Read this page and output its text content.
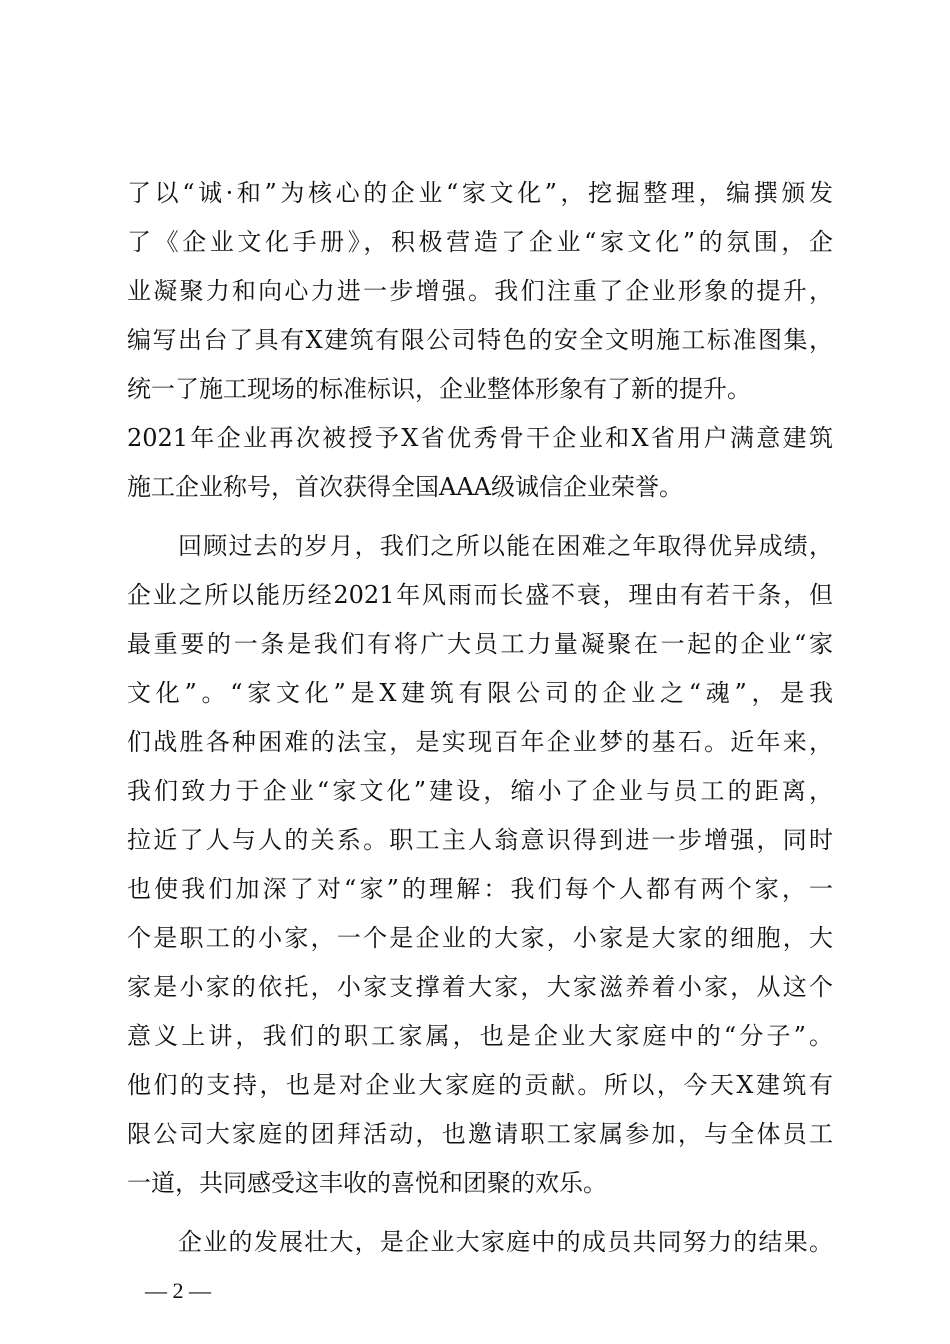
了以“诚·和”为核心的企业“家文化”，挖掘整理，编撰颁发
了《企业文化手册》，积极营造了企业“家文化”的氛围，企
业凝聚力和向心力进一步增强。我们注重了企业形象的提升，
编写出台了具有X建筑有限公司特色的安全文明施工标准图集，
统一了施工现场的标准标识，企业整体形象有了新的提升。
2021年企业再次被授予X省优秀骨干企业和X省用户满意建筑
施工企业称号，首次获得全国AAA级诚信企业荣誉。
回顾过去的岁月，我们之所以能在困难之年取得优异成绩，
企业之所以能历经2021年风雨而长盛不衰，理由有若干条，但
最重要的一条是我们有将广大员工力量凝聚在一起的企业“家
文化”。“家文化”是X建筑有限公司的企业之“魂”，是我
们战胜各种困难的法宝，是实现百年企业梦的基石。近年来，
我们致力于企业“家文化”建设，缩小了企业与员工的距离，
拉近了人与人的关系。职工主人翁意识得到进一步增强，同时
也使我们加深了对“家”的理解：我们每个人都有两个家，一
个是职工的小家，一个是企业的大家，小家是大家的细胞，大
家是小家的依托，小家支撑着大家，大家滋养着小家，从这个
意义上讲，我们的职工家属，也是企业大家庭中的“分子”。
他们的支持，也是对企业大家庭的贡献。所以，今天X建筑有
限公司大家庭的团拜活动，也邀请职工家属参加，与全体员工
一道，共同感受这丰收的喜悦和团聚的欢乐。
企业的发展壮大，是企业大家庭中的成员共同努力的结果。
— 2 —
